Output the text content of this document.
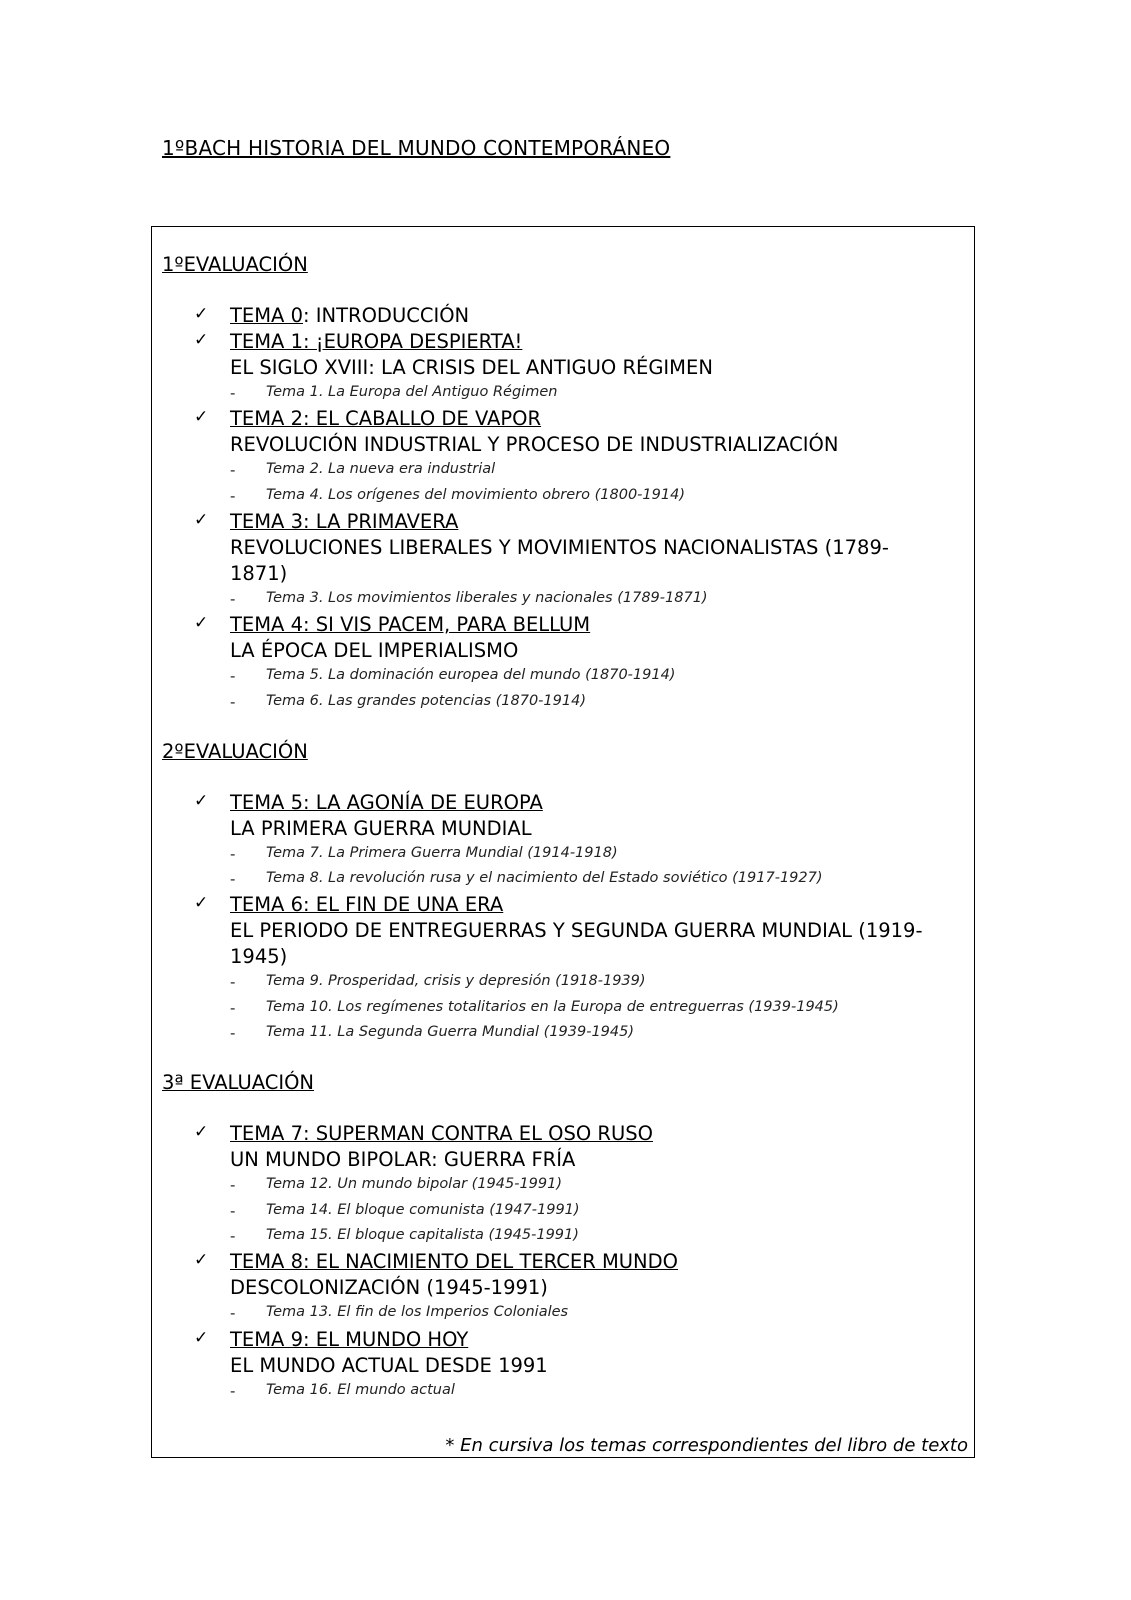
1ºBACH HISTORIA DEL MUNDO CONTEMPORÁNEO
1ºEVALUACIÓN
✓ TEMA 0: INTRODUCCIÓN
✓ TEMA 1: ¡EUROPA DESPIERTA!
EL SIGLO XVIII: LA CRISIS DEL ANTIGUO RÉGIMEN
- Tema 1. La Europa del Antiguo Régimen
✓ TEMA 2: EL CABALLO DE VAPOR
REVOLUCIÓN INDUSTRIAL Y PROCESO DE INDUSTRIALIZACIÓN
- Tema 2. La nueva era industrial
- Tema 4. Los orígenes del movimiento obrero (1800-1914)
✓ TEMA 3: LA PRIMAVERA
REVOLUCIONES LIBERALES Y MOVIMIENTOS NACIONALISTAS (1789-
1871)
- Tema 3. Los movimientos liberales y nacionales (1789-1871)
✓ TEMA 4: SI VIS PACEM, PARA BELLUM
LA ÉPOCA DEL IMPERIALISMO
- Tema 5. La dominación europea del mundo (1870-1914)
- Tema 6. Las grandes potencias (1870-1914)
2ºEVALUACIÓN
✓ TEMA 5: LA AGONÍA DE EUROPA
LA PRIMERA GUERRA MUNDIAL
- Tema 7. La Primera Guerra Mundial (1914-1918)
- Tema 8. La revolución rusa y el nacimiento del Estado soviético (1917-1927)
✓ TEMA 6: EL FIN DE UNA ERA
EL PERIODO DE ENTREGUERRAS Y SEGUNDA GUERRA MUNDIAL (1919-
1945)
- Tema 9. Prosperidad, crisis y depresión (1918-1939)
- Tema 10. Los regímenes totalitarios en la Europa de entreguerras (1939-1945)
- Tema 11. La Segunda Guerra Mundial (1939-1945)
3ª EVALUACIÓN
✓ TEMA 7: SUPERMAN CONTRA EL OSO RUSO
UN MUNDO BIPOLAR: GUERRA FRÍA
- Tema 12. Un mundo bipolar (1945-1991)
- Tema 14. El bloque comunista (1947-1991)
- Tema 15. El bloque capitalista (1945-1991)
✓ TEMA 8: EL NACIMIENTO DEL TERCER MUNDO
DESCOLONIZACIÓN (1945-1991)
- Tema 13. El fin de los Imperios Coloniales
✓ TEMA 9: EL MUNDO HOY
EL MUNDO ACTUAL DESDE 1991
- Tema 16. El mundo actual
* En cursiva los temas correspondientes del libro de texto
